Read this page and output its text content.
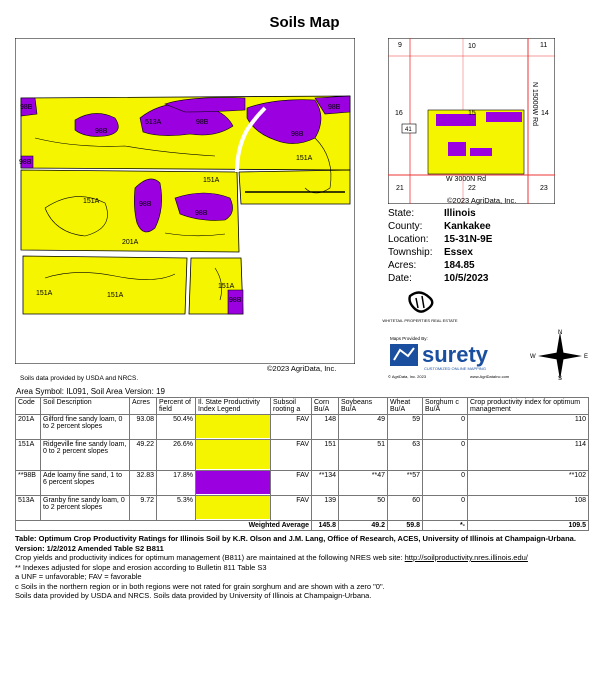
Soils Map
98B
98B
513A	98B
98B
98B
98B
151A
151A
151A	98B
98B
201A
151A	151A
151A
98B
©2023 AgriData, Inc.
Soils data provided by USDA and NRCS.
9	10	11
16	15	14
41
21	22	23
N 15000W Rd
W 3000N Rd
©2023 AgriData, Inc.
State:	Illinois
County:	Kankakee
Location:	15-31N-9E
Township:	Essex
Acres:	184.85
Date:	10/5/2023
WHITETAIL PROPERTIES REAL ESTATE
Maps Provided By:
surety
CUSTOMIZED ONLINE MAPPING
© AgriData, Inc. 2023	www.AgriDataInc.com
N
S
E
W
Area Symbol: IL091, Soil Area Version: 19
Code	Soil Description	Acres	Percent of field	Il. State Productivity Index Legend	Subsoil rooting a	Corn Bu/A	Soybeans Bu/A	Wheat Bu/A	Sorghum c Bu/A	Crop productivity index for optimum management
201A	Gilford fine sandy loam, 0 to 2 percent slopes	93.08	50.4%		FAV	148	49	59	0	110
151A	Ridgeville fine sandy loam, 0 to 2 percent slopes	49.22	26.6%		FAV	151	51	63	0	114
**98B	Ade loamy fine sand, 1 to 6 percent slopes	32.83	17.8%		FAV	**134	**47	**57	0	**102
513A	Granby fine sandy loam, 0 to 2 percent slopes	9.72	5.3%		FAV	139	50	60	0	108
Weighted Average						145.8	49.2	59.8	*-	109.5
Table: Optimum Crop Productivity Ratings for Illinois Soil by K.R. Olson and J.M. Lang, Office of Research, ACES, University of Illinois at Champaign-Urbana. Version: 1/2/2012 Amended Table S2 B811
Crop yields and productivity indices for optimum management (B811) are maintained at the following NRES web site: http://soilproductivity.nres.illinois.edu/
** Indexes adjusted for slope and erosion according to Bulletin 811 Table S3
a UNF = unfavorable; FAV = favorable
c Soils in the northern region or in both regions were not rated for grain sorghum and are shown with a zero "0".
Soils data provided by USDA and NRCS. Soils data provided by University of Illinois at Champaign-Urbana.
